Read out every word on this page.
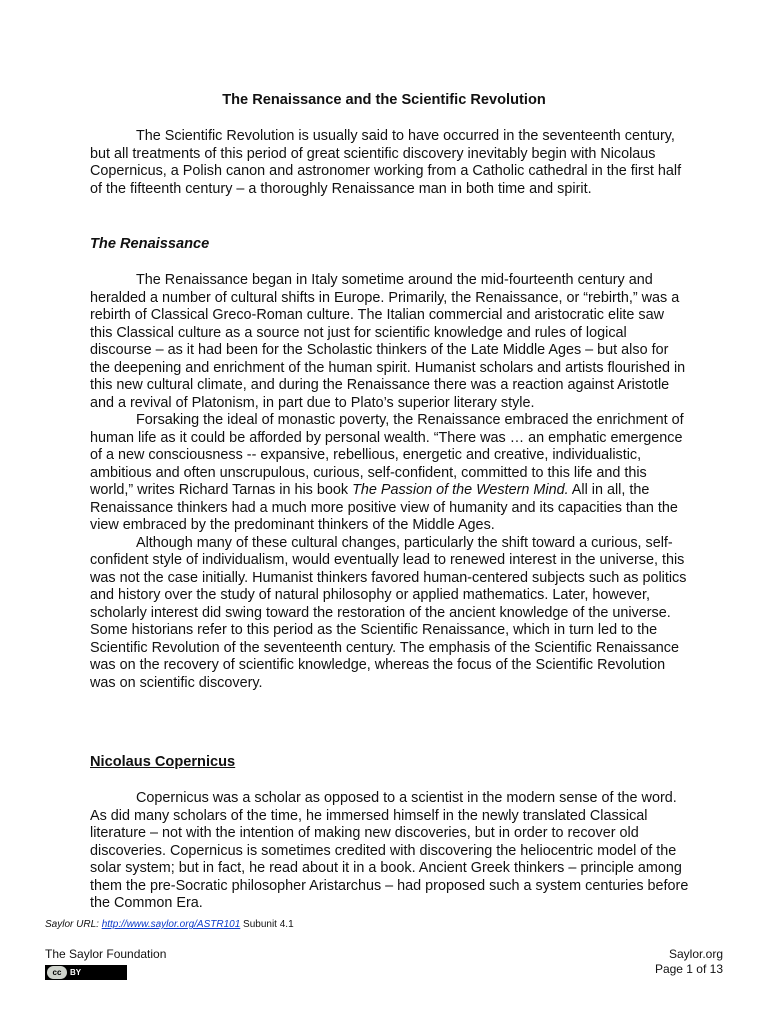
The Renaissance and the Scientific Revolution

The Scientific Revolution is usually said to have occurred in the seventeenth century, but all treatments of this period of great scientific discovery inevitably begin with Nicolaus Copernicus, a Polish canon and astronomer working from a Catholic cathedral in the first half of the fifteenth century – a thoroughly Renaissance man in both time and spirit.

The Renaissance

The Renaissance began in Italy sometime around the mid-fourteenth century and heralded a number of cultural shifts in Europe. Primarily, the Renaissance, or “rebirth,” was a rebirth of Classical Greco-Roman culture. The Italian commercial and aristocratic elite saw this Classical culture as a source not just for scientific knowledge and rules of logical discourse – as it had been for the Scholastic thinkers of the Late Middle Ages – but also for the deepening and enrichment of the human spirit. Humanist scholars and artists flourished in this new cultural climate, and during the Renaissance there was a reaction against Aristotle and a revival of Platonism, in part due to Plato’s superior literary style.

Forsaking the ideal of monastic poverty, the Renaissance embraced the enrichment of human life as it could be afforded by personal wealth. “There was … an emphatic emergence of a new consciousness -- expansive, rebellious, energetic and creative, individualistic, ambitious and often unscrupulous, curious, self-confident, committed to this life and this world,” writes Richard Tarnas in his book The Passion of the Western Mind. All in all, the Renaissance thinkers had a much more positive view of humanity and its capacities than the view embraced by the predominant thinkers of the Middle Ages.

Although many of these cultural changes, particularly the shift toward a curious, self-confident style of individualism, would eventually lead to renewed interest in the universe, this was not the case initially. Humanist thinkers favored human-centered subjects such as politics and history over the study of natural philosophy or applied mathematics. Later, however, scholarly interest did swing toward the restoration of the ancient knowledge of the universe. Some historians refer to this period as the Scientific Renaissance, which in turn led to the Scientific Revolution of the seventeenth century. The emphasis of the Scientific Renaissance was on the recovery of scientific knowledge, whereas the focus of the Scientific Revolution was on scientific discovery.

Nicolaus Copernicus

Copernicus was a scholar as opposed to a scientist in the modern sense of the word. As did many scholars of the time, he immersed himself in the newly translated Classical literature – not with the intention of making new discoveries, but in order to recover old discoveries. Copernicus is sometimes credited with discovering the heliocentric model of the solar system; but in fact, he read about it in a book. Ancient Greek thinkers – principle among them the pre-Socratic philosopher Aristarchus – had proposed such a system centuries before the Common Era.

Saylor URL: http://www.saylor.org/ASTR101 Subunit 4.1
The Saylor Foundation	Saylor.org
Page 1 of 13
cc	BY
